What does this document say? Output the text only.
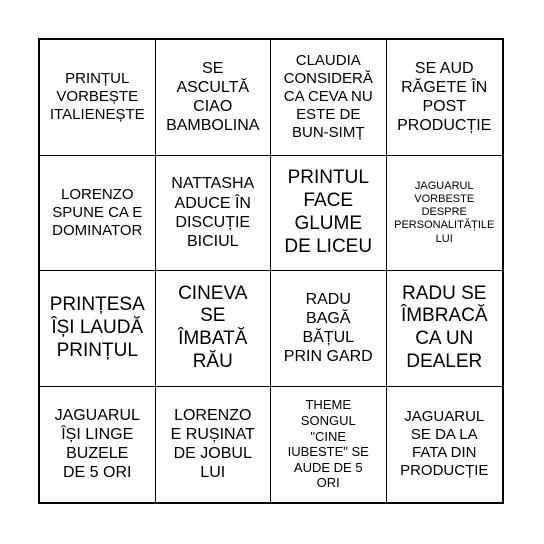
PRINȚUL
VORBEȘTE
ITALIENEȘTE
SE
ASCULTĂ
CIAO
BAMBOLINA
CLAUDIA
CONSIDERĂ
CA CEVA NU
ESTE DE
BUN-SIMȚ
SE AUD
RĂGETE ÎN
POST
PRODUCȚIE
LORENZO
SPUNE CA E
DOMINATOR
NATTASHA
ADUCE ÎN
DISCUȚIE
BICIUL
PRINTUL
FACE
GLUME
DE LICEU
JAGUARUL
VORBESTE
DESPRE
PERSONALITĂȚILE
LUI
PRINȚESA
ÎȘI LAUDĂ
PRINȚUL
CINEVA
SE
ÎMBATĂ
RĂU
RADU
BAGĂ
BĂȚUL
PRIN GARD
RADU SE
ÎMBRACĂ
CA UN
DEALER
JAGUARUL
ÎȘI LINGE
BUZELE
DE 5 ORI
LORENZO
E RUȘINAT
DE JOBUL
LUI
THEME
SONGUL
"CINE
IUBESTE" SE
AUDE DE 5
ORI
JAGUARUL
SE DA LA
FATA DIN
PRODUCȚIE
